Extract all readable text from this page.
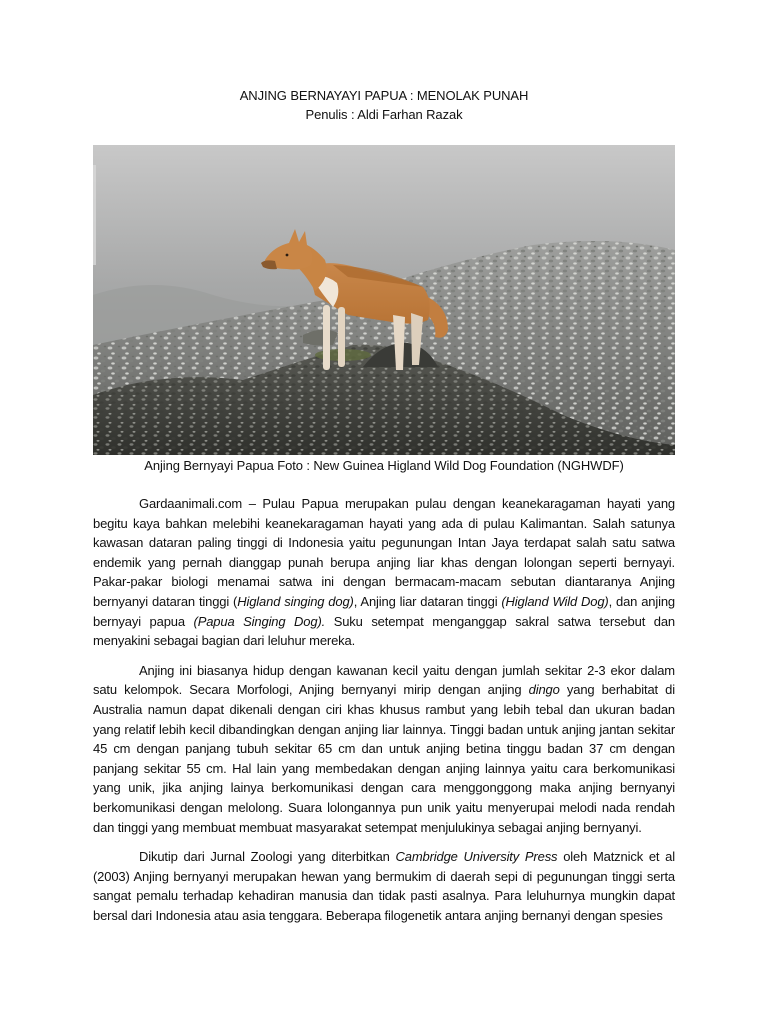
ANJING BERNAYAYI PAPUA : MENOLAK PUNAH
Penulis : Aldi Farhan Razak
Anjing Bernyayi Papua Foto : New Guinea Higland Wild Dog Foundation (NGHWDF)

Gardaanimali.com – Pulau Papua merupakan pulau dengan keanekaragaman hayati yang begitu kaya bahkan melebihi keanekaragaman hayati yang ada di pulau Kalimantan. Salah satunya kawasan dataran paling tinggi di Indonesia yaitu pegunungan Intan Jaya terdapat salah satu satwa endemik yang pernah dianggap punah berupa anjing liar khas dengan lolongan seperti bernyayi. Pakar-pakar biologi menamai satwa ini dengan bermacam-macam sebutan diantaranya Anjing bernyanyi dataran tinggi (Higland singing dog), Anjing liar dataran tinggi (Higland Wild Dog), dan anjing bernyayi papua (Papua Singing Dog). Suku setempat menganggap sakral satwa tersebut dan menyakini sebagai bagian dari leluhur mereka.

Anjing ini biasanya hidup dengan kawanan kecil yaitu dengan jumlah sekitar 2-3 ekor dalam satu kelompok. Secara Morfologi, Anjing bernyanyi mirip dengan anjing dingo yang berhabitat di Australia namun dapat dikenali dengan ciri khas khusus rambut yang lebih tebal dan ukuran badan yang relatif lebih kecil dibandingkan dengan anjing liar lainnya. Tinggi badan untuk anjing jantan sekitar 45 cm dengan panjang tubuh sekitar 65 cm dan untuk anjing betina tinggu badan 37 cm dengan panjang sekitar 55 cm. Hal lain yang membedakan dengan anjing lainnya yaitu cara berkomunikasi yang unik, jika anjing lainya berkomunikasi dengan cara menggonggong maka anjing bernyanyi berkomunikasi dengan melolong. Suara lolongannya pun unik yaitu menyerupai melodi nada rendah dan tinggi yang membuat membuat masyarakat setempat menjulukinya sebagai anjing bernyanyi.

Dikutip dari Jurnal Zoologi yang diterbitkan Cambridge University Press oleh Matznick et al (2003) Anjing bernyanyi merupakan hewan yang bermukim di daerah sepi di pegunungan tinggi serta sangat pemalu terhadap kehadiran manusia dan tidak pasti asalnya. Para leluhurnya mungkin dapat bersal dari Indonesia atau asia tenggara. Beberapa filogenetik antara anjing bernanyi dengan spesies
